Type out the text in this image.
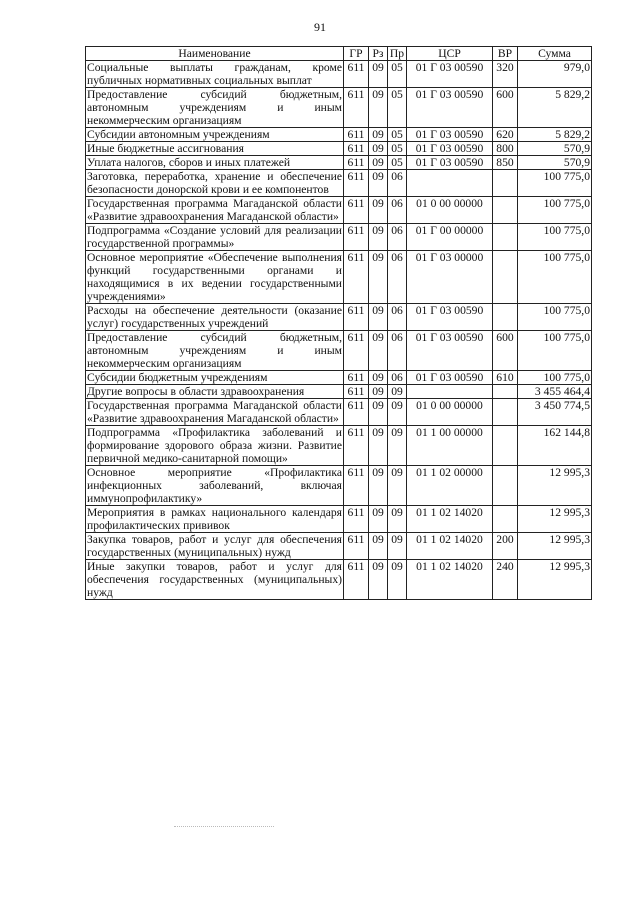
91
Наименование	ГР	Рз	Пр	ЦСР	ВР	Сумма
Социальные выплаты гражданам, кроме публичных нормативных социальных выплат	611	09	05	01 Г 03 00590	320	979,0
Предоставление субсидий бюджетным, автономным учреждениям и иным некоммерческим организациям	611	09	05	01 Г 03 00590	600	5 829,2
Субсидии автономным учреждениям	611	09	05	01 Г 03 00590	620	5 829,2
Иные бюджетные ассигнования	611	09	05	01 Г 03 00590	800	570,9
Уплата налогов, сборов и иных платежей	611	09	05	01 Г 03 00590	850	570,9
Заготовка, переработка, хранение и обеспечение безопасности донорской крови и ее компонентов	611	09	06			100 775,0
Государственная программа Магаданской области «Развитие здравоохранения Магаданской области»	611	09	06	01 0 00 00000		100 775,0
Подпрограмма «Создание условий для реализации государственной программы»	611	09	06	01 Г 00 00000		100 775,0
Основное мероприятие «Обеспечение выполнения функций государственными органами и находящимися в их ведении государственными учреждениями»	611	09	06	01 Г 03 00000		100 775,0
Расходы на обеспечение деятельности (оказание услуг) государственных учреждений	611	09	06	01 Г 03 00590		100 775,0
Предоставление субсидий бюджетным, автономным учреждениям и иным некоммерческим организациям	611	09	06	01 Г 03 00590	600	100 775,0
Субсидии бюджетным учреждениям	611	09	06	01 Г 03 00590	610	100 775,0
Другие вопросы в области здравоохранения	611	09	09			3 455 464,4
Государственная программа Магаданской области «Развитие здравоохранения Магаданской области»	611	09	09	01 0 00 00000		3 450 774,5
Подпрограмма «Профилактика заболеваний и формирование здорового образа жизни. Развитие первичной медико-санитарной помощи»	611	09	09	01 1 00 00000		162 144,8
Основное мероприятие «Профилактика инфекционных заболеваний, включая иммунопрофилактику»	611	09	09	01 1 02 00000		12 995,3
Мероприятия в рамках национального календаря профилактических прививок	611	09	09	01 1 02 14020		12 995,3
Закупка товаров, работ и услуг для обеспечения государственных (муниципальных) нужд	611	09	09	01 1 02 14020	200	12 995,3
Иные закупки товаров, работ и услуг для обеспечения государственных (муниципальных) нужд	611	09	09	01 1 02 14020	240	12 995,3
